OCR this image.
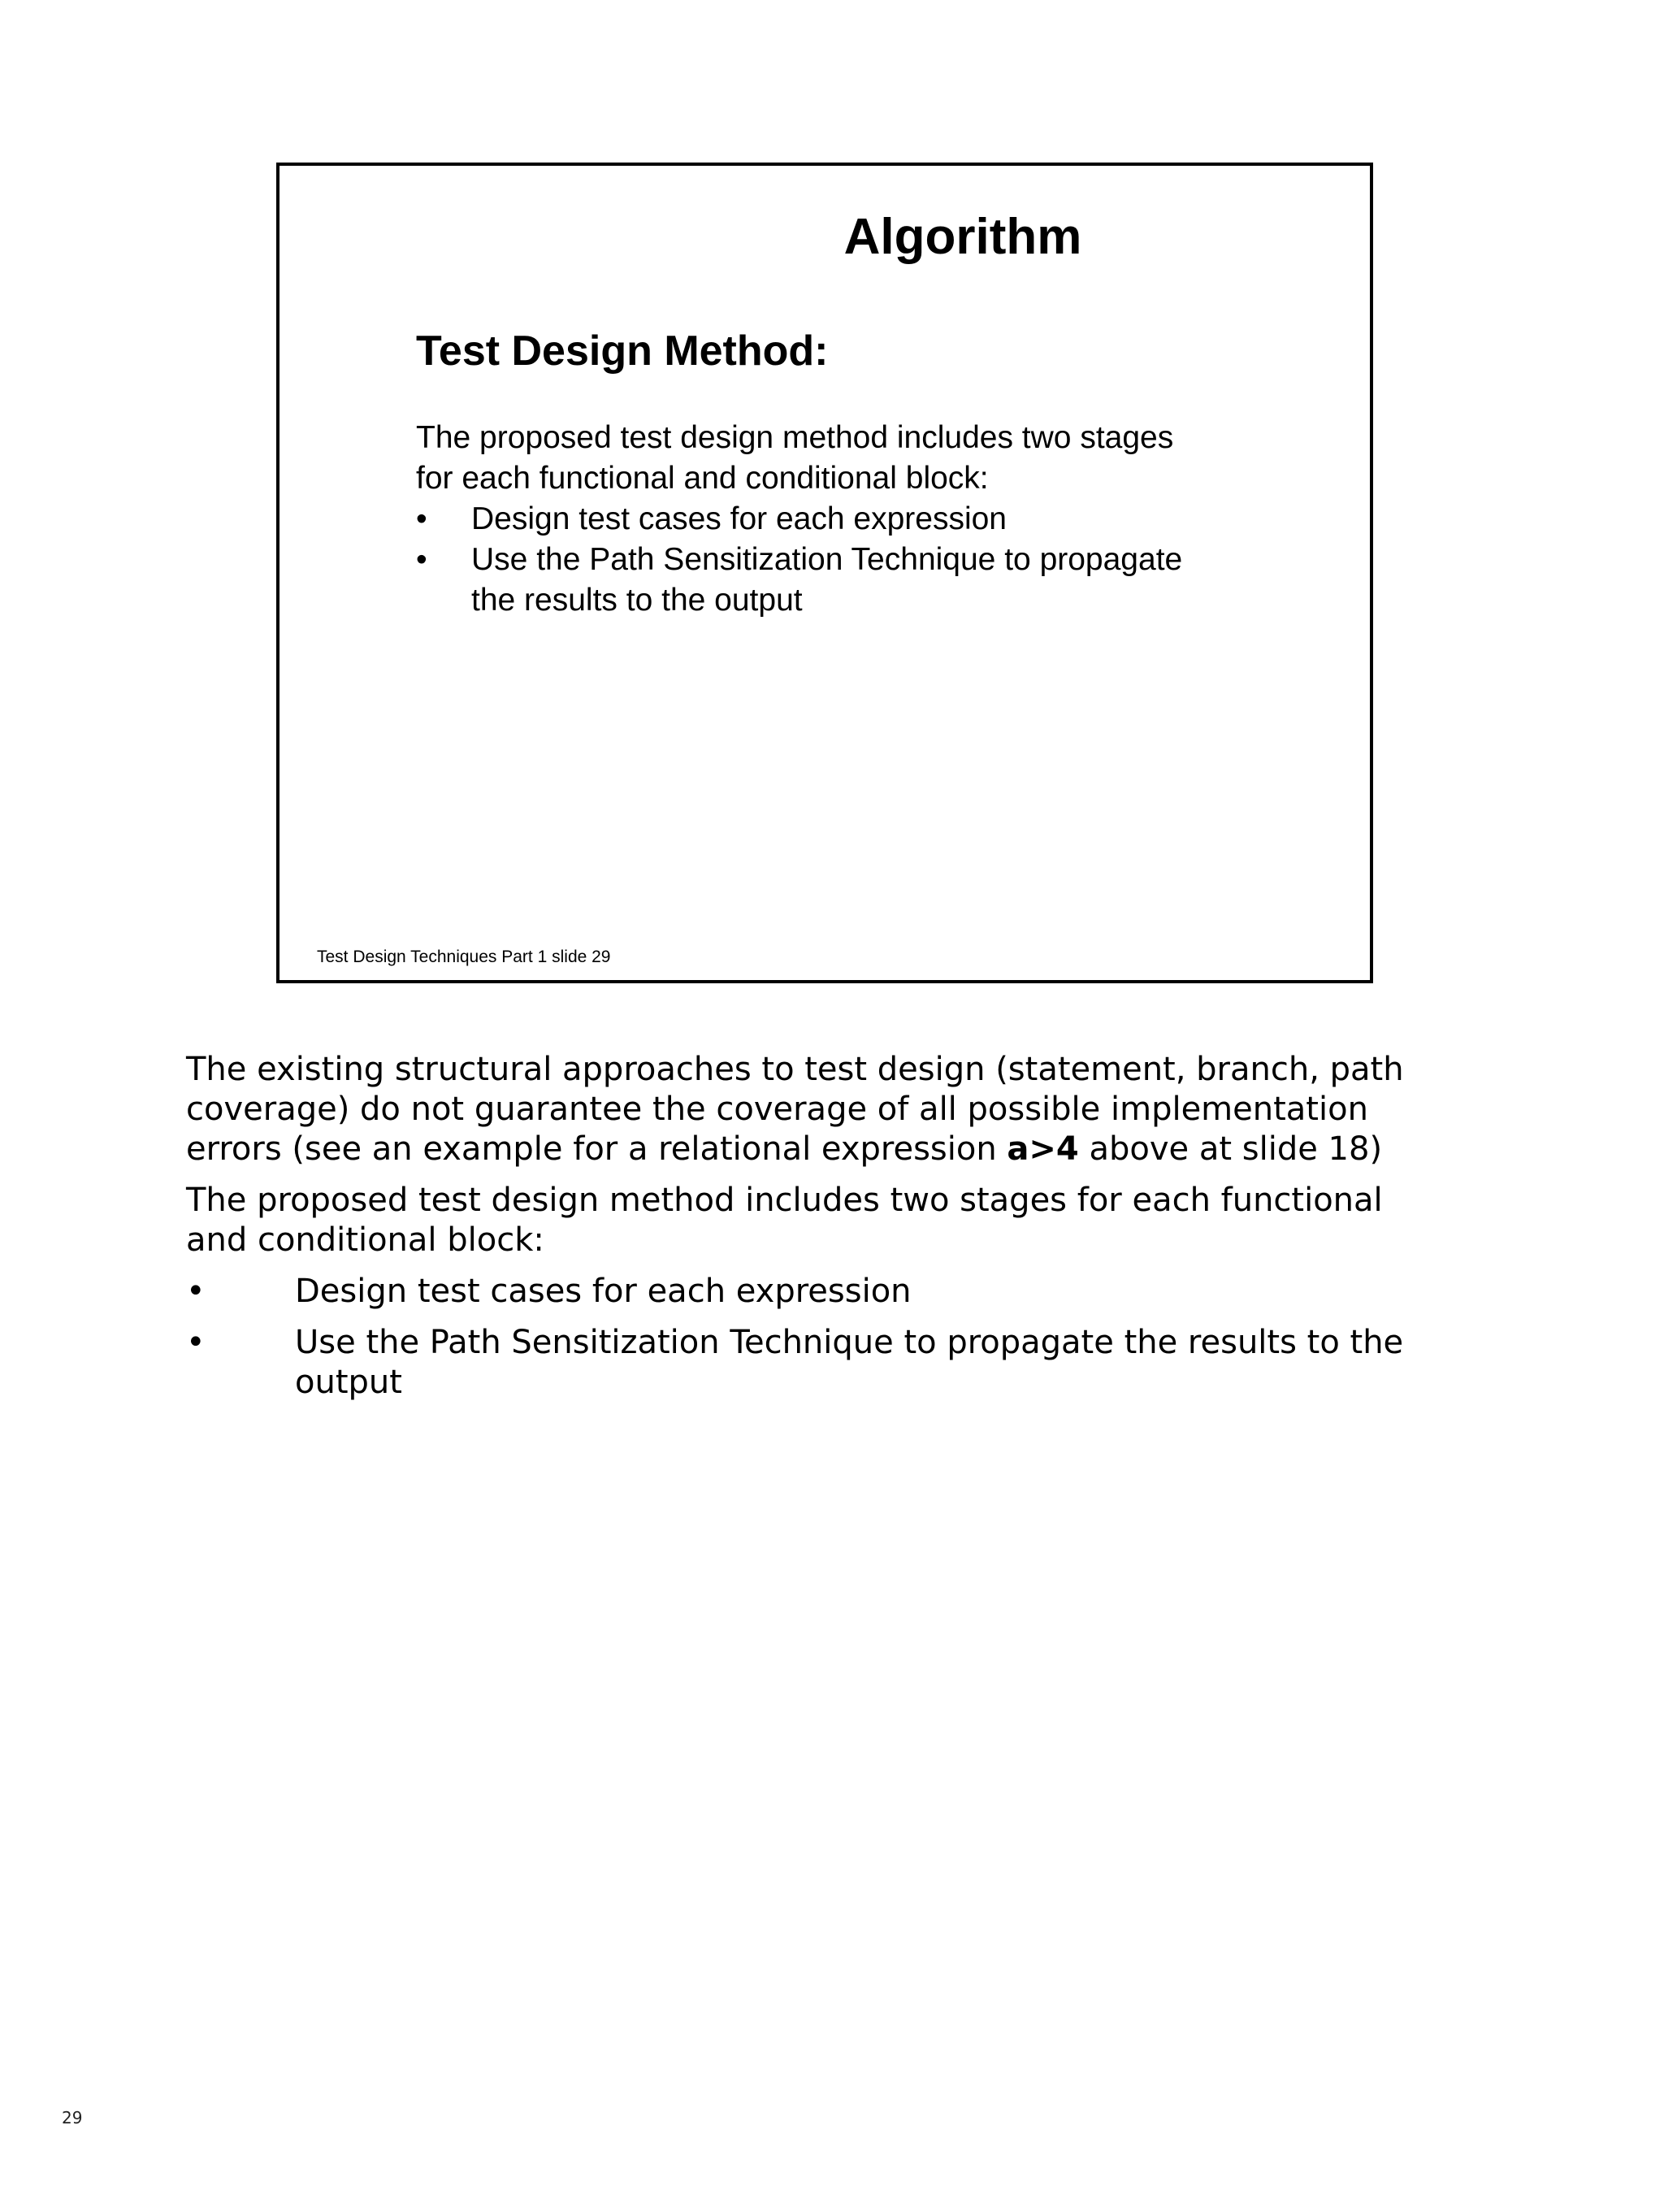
Algorithm
Test Design Method:

The proposed test design method includes two stages

for each functional and conditional block:

• Design test cases for each expression
• Use the Path Sensitization Technique to propagate
the results to the output
Test Design Techniques Part 1 slide 29

The existing structural approaches to test design (statement, branch, path coverage) do not guarantee the coverage of all possible implementation errors (see an example for a relational expression a>4 above at slide 18)

The proposed test design method includes two stages for each functional and conditional block:

•	Design test cases for each expression
•	Use the Path Sensitization Technique to propagate the results to the output
29
